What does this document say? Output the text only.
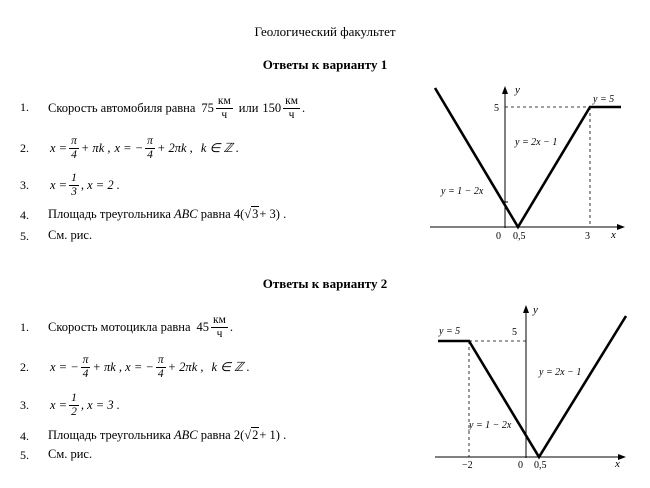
Геологический факультет
Ответы к варианту 1
1. Скорость автомобиля равна $75 \frac{км}{ч}$ или $150 \frac{км}{ч}$ .
2. $x = \frac{\pi}{4} + \pi k$ , x = − $\frac{\pi}{4} + 2\pi k$ , k ∈ ℤ .
3. $x = \frac{1}{3}$ , x = 2 .
4. Площадь треугольника ABC равна 4(√3+ 3) .
5. См. рис.
y
5
0 0,5	3 x
y = 5
y = 2x − 1
y = 1 − 2x
Ответы к варианту 2
1. Скорость мотоцикла равна $45 \frac{км}{ч}$ .
2. x = − $\frac{\pi}{4} + \pi k$ , x = − $\frac{\pi}{4} + 2\pi k$ , k ∈ ℤ .
3. $x = \frac{1}{2}$ , x = 3 .
4. Площадь треугольника ABC равна 2(√2+ 1) .
5. См. рис.
y
5
y = 5
y = 2x − 1
y = 1 − 2x
−2	0 0,5	x
